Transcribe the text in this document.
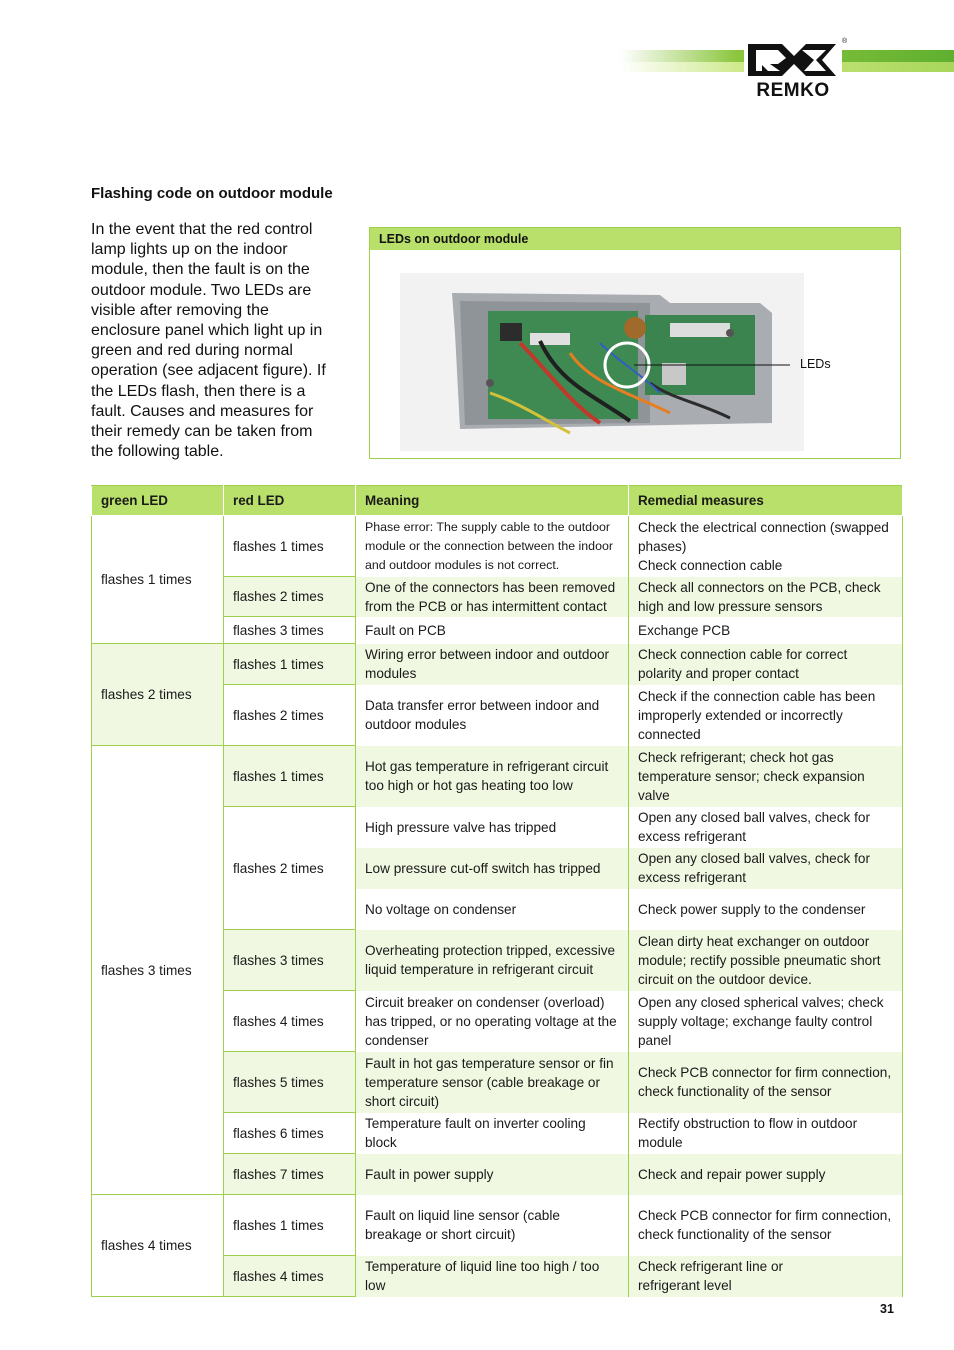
REMKO
®
Flashing code on outdoor module
In the event that the red control lamp lights up on the indoor module, then the fault is on the outdoor module. Two LEDs are visible after removing the enclosure panel which light up in green and red during normal operation (see adjacent figure). If the LEDs flash, then there is a fault. Causes and measures for their remedy can be taken from the following table.
LEDs on outdoor module
LEDs
green LED	red LED	Meaning	Remedial measures
flashes 1 times	flashes 1 times	Phase error: The supply cable to the outdoor module or the connection between the indoor and outdoor modules is not correct.	Check the electrical connection (swapped phases)
Check connection cable
	flashes 2 times	One of the connectors has been removed from the PCB or has intermittent contact	Check all connectors on the PCB, check high and low pressure sensors
	flashes 3 times	Fault on PCB	Exchange PCB
flashes 2 times	flashes 1 times	Wiring error between indoor and outdoor modules	Check connection cable for correct polarity and proper contact
	flashes 2 times	Data transfer error between indoor and outdoor modules	Check if the connection cable has been improperly extended or incorrectly connected
flashes 3 times	flashes 1 times	Hot gas temperature in refrigerant circuit too high or hot gas heating too low	Check refrigerant; check hot gas temperature sensor; check expansion valve
	flashes 2 times	High pressure valve has tripped	Open any closed ball valves, check for excess refrigerant
		Low pressure cut-off switch has tripped	Open any closed ball valves, check for excess refrigerant
		No voltage on condenser	Check power supply to the condenser
	flashes 3 times	Overheating protection tripped, excessive liquid temperature in refrigerant circuit	Clean dirty heat exchanger on outdoor module; rectify possible pneumatic short circuit on the outdoor device.
	flashes 4 times	Circuit breaker on condenser (overload) has tripped, or no operating voltage at the condenser	Open any closed spherical valves; check supply voltage; exchange faulty control panel
	flashes 5 times	Fault in hot gas temperature sensor or fin temperature sensor (cable breakage or short circuit)	Check PCB connector for firm connection, check functionality of the sensor
	flashes 6 times	Temperature fault on inverter cooling block	Rectify obstruction to flow in outdoor module
	flashes 7 times	Fault in power supply	Check and repair power supply
flashes 4 times	flashes 1 times	Fault on liquid line sensor (cable breakage or short circuit)	Check PCB connector for firm connection, check functionality of the sensor
	flashes 4 times	Temperature of liquid line too high / too low	Check refrigerant line or
refrigerant level
31
